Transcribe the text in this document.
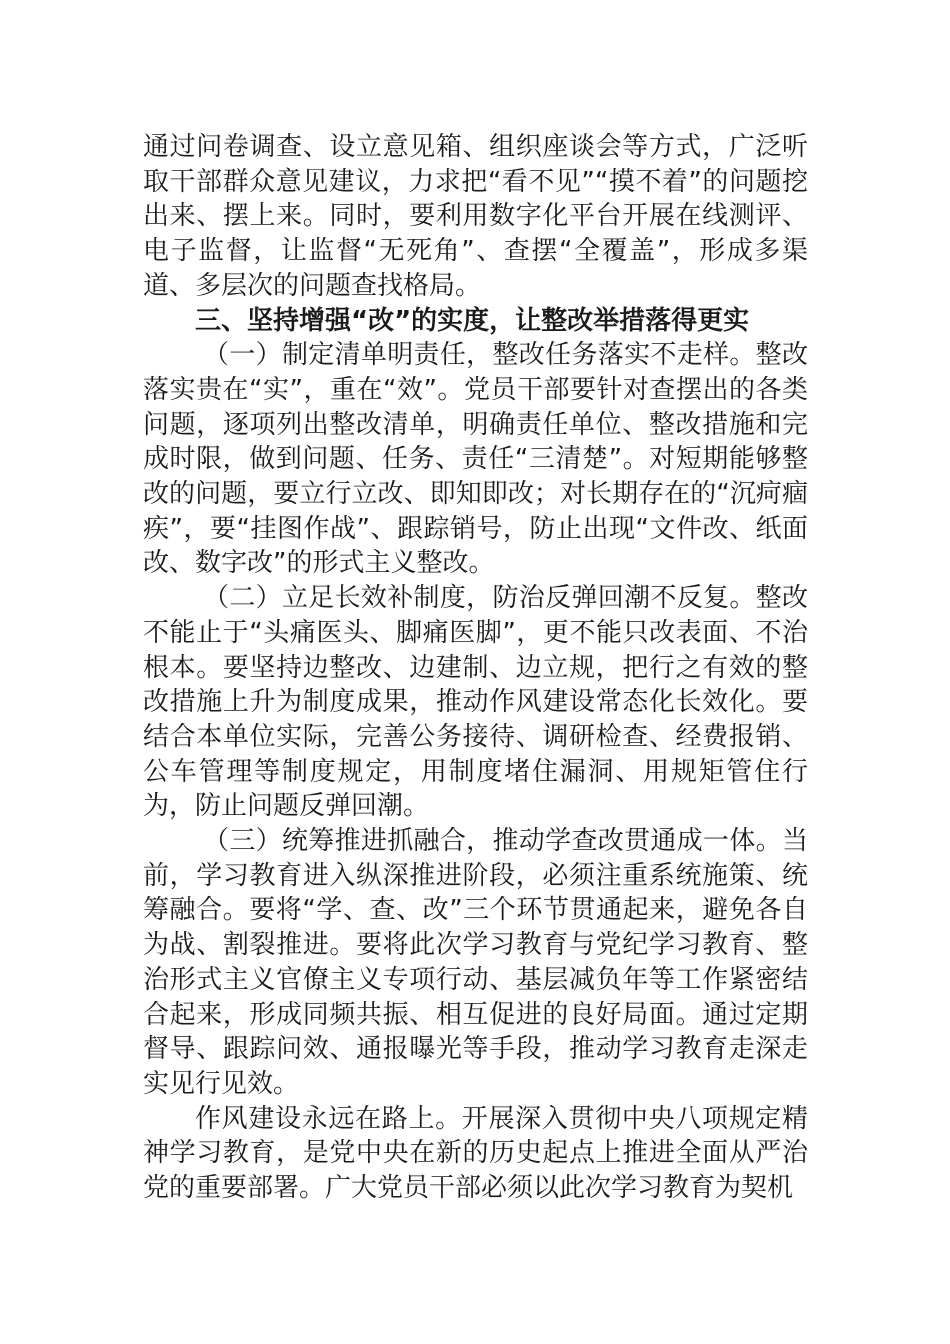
通过问卷调查、设立意见箱、组织座谈会等方式，广泛听取干部群众意见建议，力求把“看不见”“摸不着”的问题挖出来、摆上来。同时，要利用数字化平台开展在线测评、电子监督，让监督“无死角”、查摆“全覆盖”，形成多渠道、多层次的问题查找格局。

三、坚持增强“改”的实度，让整改举措落得更实

（一）制定清单明责任，整改任务落实不走样。整改落实贵在“实”，重在“效”。党员干部要针对查摆出的各类问题，逐项列出整改清单，明确责任单位、整改措施和完成时限，做到问题、任务、责任“三清楚”。对短期能够整改的问题，要立行立改、即知即改；对长期存在的“沉疴痼疾”，要“挂图作战”、跟踪销号，防止出现“文件改、纸面改、数字改”的形式主义整改。

（二）立足长效补制度，防治反弹回潮不反复。整改不能止于“头痛医头、脚痛医脚”，更不能只改表面、不治根本。要坚持边整改、边建制、边立规，把行之有效的整改措施上升为制度成果，推动作风建设常态化长效化。要结合本单位实际，完善公务接待、调研检查、经费报销、公车管理等制度规定，用制度堵住漏洞、用规矩管住行为，防止问题反弹回潮。

（三）统筹推进抓融合，推动学查改贯通成一体。当前，学习教育进入纵深推进阶段，必须注重系统施策、统筹融合。要将“学、查、改”三个环节贯通起来，避免各自为战、割裂推进。要将此次学习教育与党纪学习教育、整治形式主义官僚主义专项行动、基层减负年等工作紧密结合起来，形成同频共振、相互促进的良好局面。通过定期督导、跟踪问效、通报曝光等手段，推动学习教育走深走实见行见效。

作风建设永远在路上。开展深入贯彻中央八项规定精神学习教育，是党中央在新的历史起点上推进全面从严治党的重要部署。广大党员干部必须以此次学习教育为契机
